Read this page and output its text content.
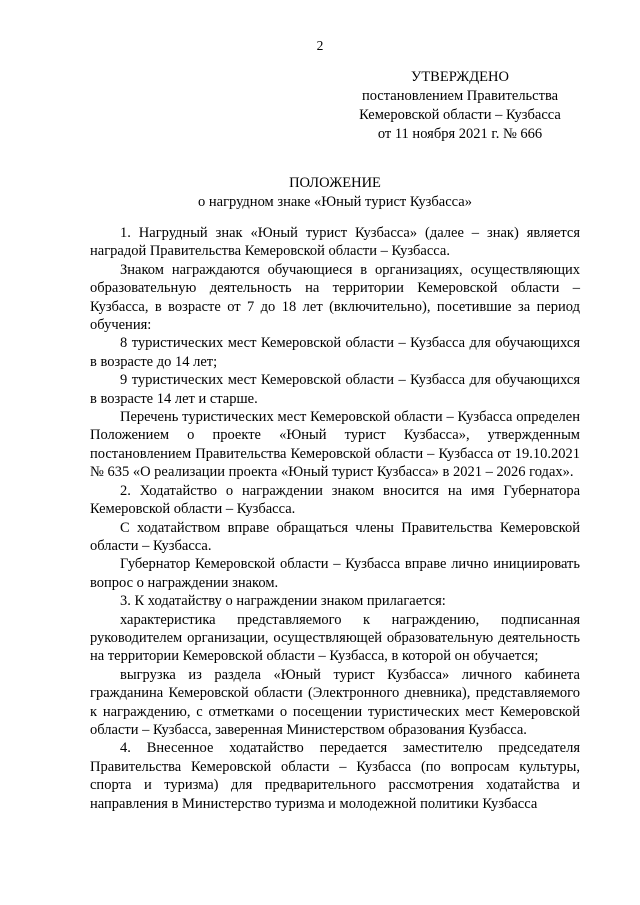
2
УТВЕРЖДЕНО
постановлением Правительства
Кемеровской области – Кузбасса
от 11 ноября 2021 г. № 666
ПОЛОЖЕНИЕ
о нагрудном знаке «Юный турист Кузбасса»

1. Нагрудный знак «Юный турист Кузбасса» (далее – знак) является наградой Правительства Кемеровской области – Кузбасса.

Знаком награждаются обучающиеся в организациях, осуществляющих образовательную деятельность на территории Кемеровской области – Кузбасса, в возрасте от 7 до 18 лет (включительно), посетившие за период обучения:

8 туристических мест Кемеровской области – Кузбасса для обучающихся в возрасте до 14 лет;

9 туристических мест Кемеровской области – Кузбасса для обучающихся в возрасте 14 лет и старше.

Перечень туристических мест Кемеровской области – Кузбасса определен Положением о проекте «Юный турист Кузбасса», утвержденным постановлением Правительства Кемеровской области – Кузбасса от 19.10.2021 № 635 «О реализации проекта «Юный турист Кузбасса» в 2021 – 2026 годах».

2. Ходатайство о награждении знаком вносится на имя Губернатора Кемеровской области – Кузбасса.

С ходатайством вправе обращаться члены Правительства Кемеровской области – Кузбасса.

Губернатор Кемеровской области – Кузбасса вправе лично инициировать вопрос о награждении знаком.

3. К ходатайству о награждении знаком прилагается:

характеристика представляемого к награждению, подписанная руководителем организации, осуществляющей образовательную деятельность на территории Кемеровской области – Кузбасса, в которой он обучается;

выгрузка из раздела «Юный турист Кузбасса» личного кабинета гражданина Кемеровской области (Электронного дневника), представляемого к награждению, с отметками о посещении туристических мест Кемеровской области – Кузбасса, заверенная Министерством образования Кузбасса.

4. Внесенное ходатайство передается заместителю председателя Правительства Кемеровской области – Кузбасса (по вопросам культуры, спорта и туризма) для предварительного рассмотрения ходатайства и направления в Министерство туризма и молодежной политики Кузбасса
